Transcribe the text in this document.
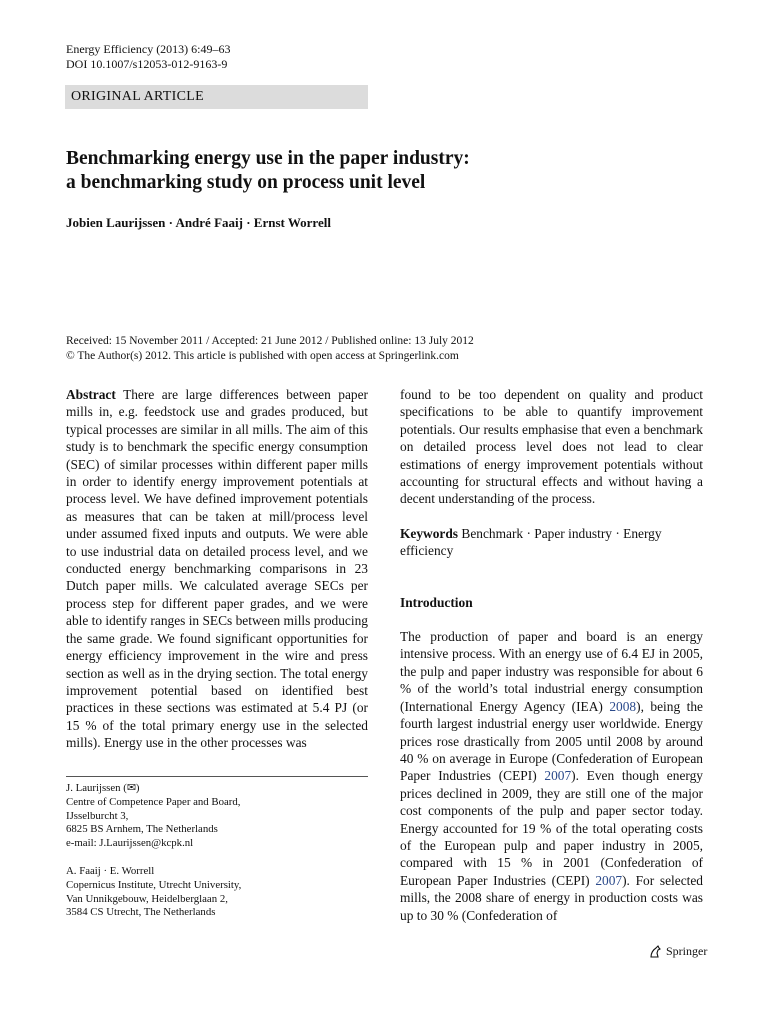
Energy Efficiency (2013) 6:49–63
DOI 10.1007/s12053-012-9163-9
ORIGINAL ARTICLE
Benchmarking energy use in the paper industry:
a benchmarking study on process unit level
Jobien Laurijssen · André Faaij · Ernst Worrell
Received: 15 November 2011 / Accepted: 21 June 2012 / Published online: 13 July 2012
© The Author(s) 2012. This article is published with open access at Springerlink.com

Abstract There are large differences between paper mills in, e.g. feedstock use and grades produced, but typical processes are similar in all mills. The aim of this study is to benchmark the specific energy consumption (SEC) of similar processes within different paper mills in order to identify energy improvement potentials at process level. We have defined improvement potentials as measures that can be taken at mill/process level under assumed fixed inputs and outputs. We were able to use industrial data on detailed process level, and we conducted energy benchmarking comparisons in 23 Dutch paper mills. We calculated average SECs per process step for different paper grades, and we were able to identify ranges in SECs between mills producing the same grade. We found significant opportunities for energy efficiency improvement in the wire and press section as well as in the drying section. The total energy improvement potential based on identified best practices in these sections was estimated at 5.4 PJ (or 15 % of the total primary energy use in the selected mills). Energy use in the other processes was

J. Laurijssen (✉)
Centre of Competence Paper and Board,
IJsselburcht 3,
6825 BS Arnhem, The Netherlands
e-mail: J.Laurijssen@kcpk.nl
A. Faaij · E. Worrell
Copernicus Institute, Utrecht University,
Van Unnikgebouw, Heidelberglaan 2,
3584 CS Utrecht, The Netherlands

found to be too dependent on quality and product specifications to be able to quantify improvement potentials. Our results emphasise that even a benchmark on detailed process level does not lead to clear estimations of energy improvement potentials without accounting for structural effects and without having a decent understanding of the process.

Keywords Benchmark · Paper industry · Energy efficiency

Introduction

The production of paper and board is an energy intensive process. With an energy use of 6.4 EJ in 2005, the pulp and paper industry was responsible for about 6 % of the world’s total industrial energy consumption (International Energy Agency (IEA) 2008), being the fourth largest industrial energy user worldwide. Energy prices rose drastically from 2005 until 2008 by around 40 % on average in Europe (Confederation of European Paper Industries (CEPI) 2007). Even though energy prices declined in 2009, they are still one of the major cost components of the pulp and paper sector today. Energy accounted for 19 % of the total operating costs of the European pulp and paper industry in 2005, compared with 15 % in 2001 (Confederation of European Paper Industries (CEPI) 2007). For selected mills, the 2008 share of energy in production costs was up to 30 % (Confederation of

Springer
